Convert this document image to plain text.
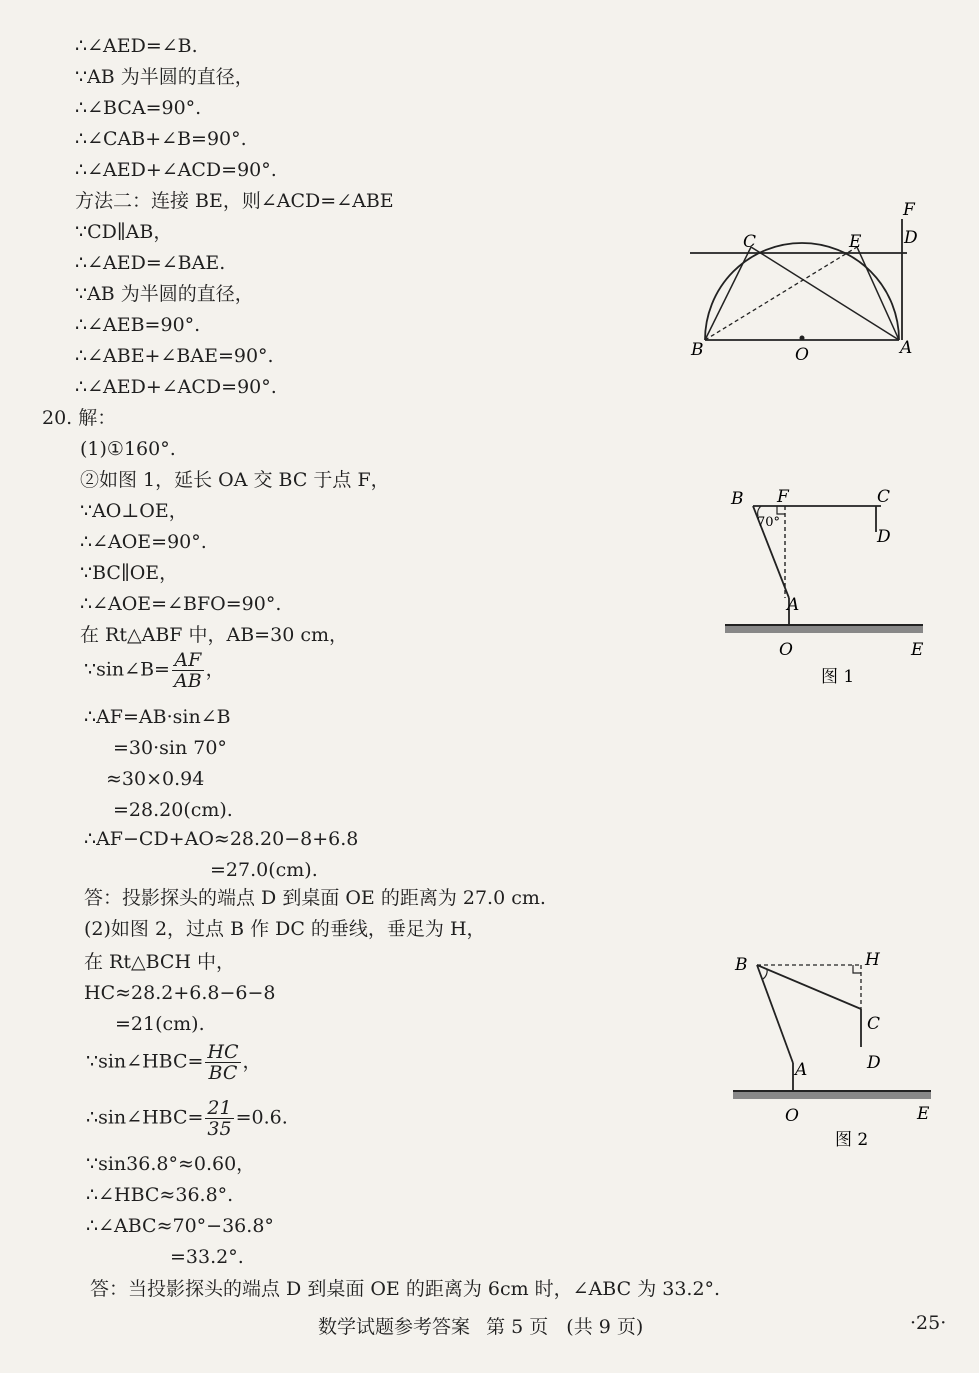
∴∠AED=∠B.
∵AB 为半圆的直径，
∴∠BCA=90°.
∴∠CAB+∠B=90°.
∴∠AED+∠ACD=90°.
方法二：连接 BE，则∠ACD=∠ABE
∵CD∥AB，
∴∠AED=∠BAE.
∵AB 为半圆的直径，
∴∠AEB=90°.
∴∠ABE+∠BAE=90°.
∴∠AED+∠ACD=90°.
20. 解：
(1)①160°.
②如图 1，延长 OA 交 BC 于点 F，
∵AO⊥OE，
∴∠AOE=90°.
∵BC∥OE，
∴∠AOE=∠BFO=90°.
在 Rt△ABF 中，AB=30 cm，
∵sin∠B= $\frac{AF}{AB}$ ，
∴AF=AB·sin∠B
=30·sin 70°
≈30×0.94
=28.20(cm).
∴AF−CD+AO≈28.20−8+6.8
=27.0(cm).
答：投影探头的端点 D 到桌面 OE 的距离为 27.0 cm.
(2)如图 2，过点 B 作 DC 的垂线，垂足为 H，
在 Rt△BCH 中，
HC≈28.2+6.8−6−8
=21(cm).
∵sin∠HBC= $\frac{HC}{BC}$ ，
∴sin∠HBC= $\frac{21}{35} =0.6$.
∵sin36.8°≈0.60，
∴∠HBC≈36.8°.
∴∠ABC≈70°−36.8°
=33.2°.
答：当投影探头的端点 D 到桌面 OE 的距离为 6cm 时，∠ABC 为 33.2°.
B	O	A
C	E
F
D
70°
B F	C
D
A
O	E
图 1
B	H
C
D
A
O	E
图 2
数学试题参考答案 第 5 页 (共 9 页)	·25·
